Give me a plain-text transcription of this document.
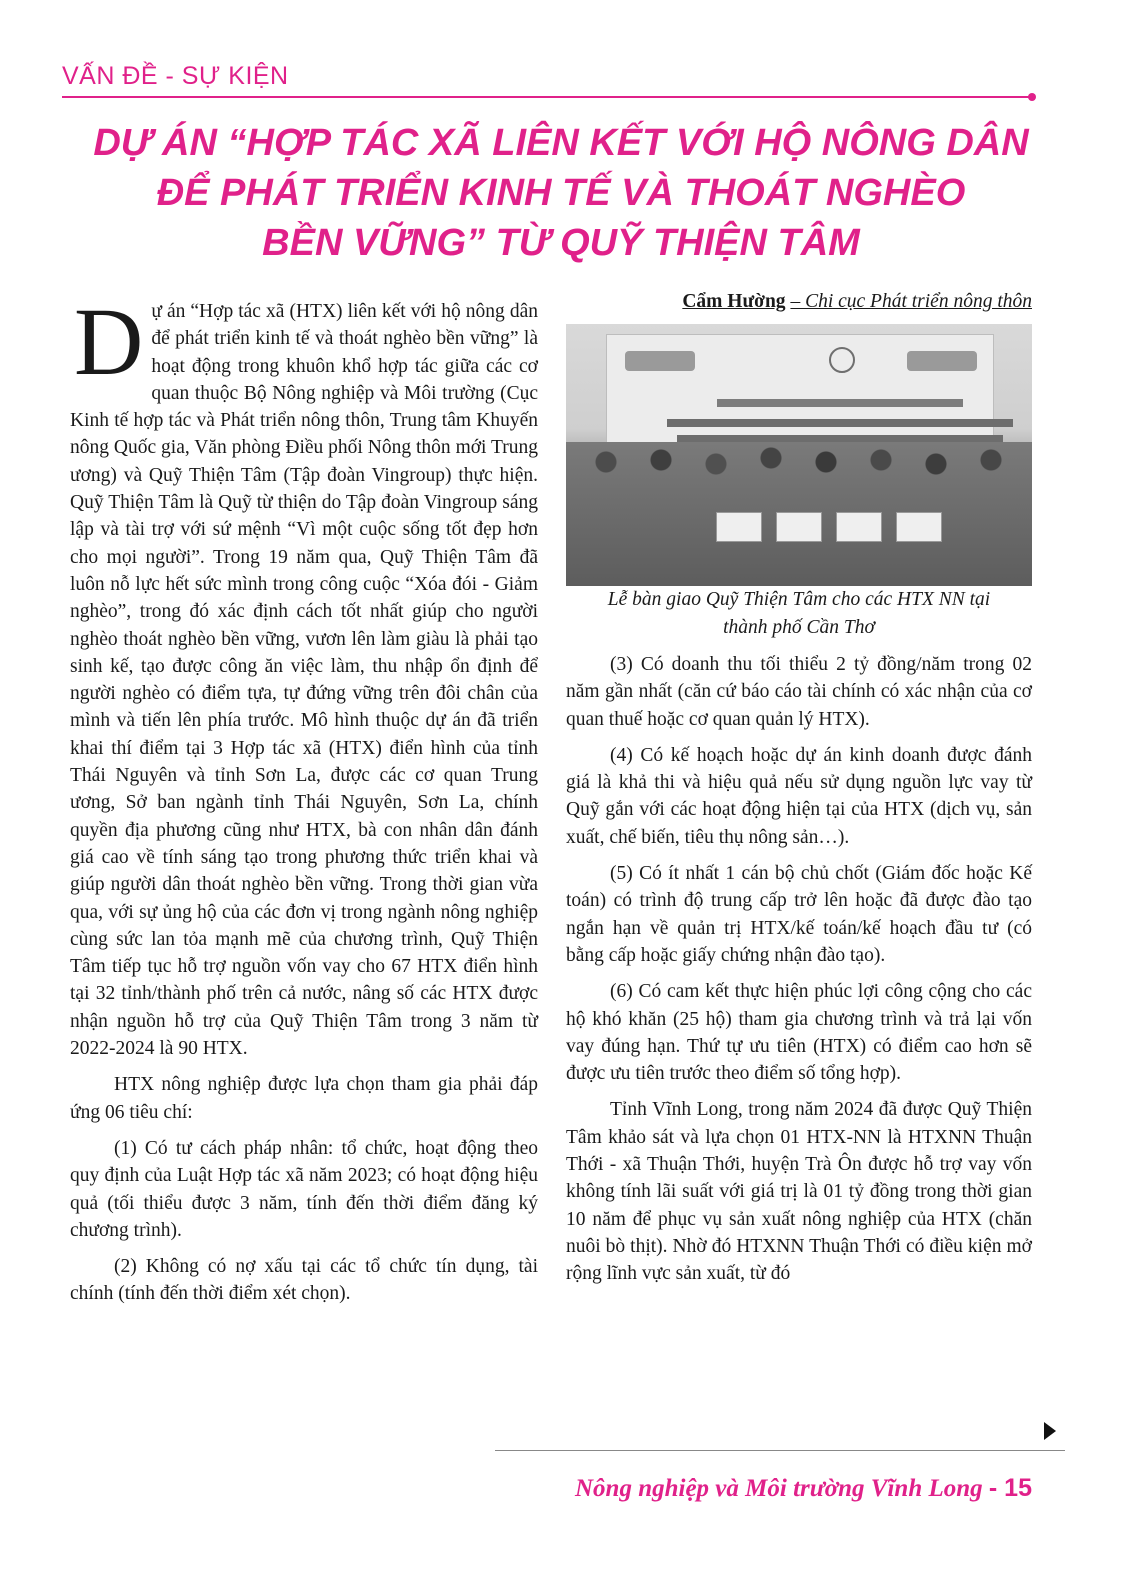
VẤN ĐỀ - SỰ KIỆN
DỰ ÁN “HỢP TÁC XÃ LIÊN KẾT VỚI HỘ NÔNG DÂN
ĐỂ PHÁT TRIỂN KINH TẾ VÀ THOÁT NGHÈO
BỀN VỮNG” TỪ QUỸ THIỆN TÂM

Dự án “Hợp tác xã (HTX) liên kết với hộ nông dân để phát triển kinh tế và thoát nghèo bền vững” là hoạt động trong khuôn khổ hợp tác giữa các cơ quan thuộc Bộ Nông nghiệp và Môi trường (Cục Kinh tế hợp tác và Phát triển nông thôn, Trung tâm Khuyến nông Quốc gia, Văn phòng Điều phối Nông thôn mới Trung ương) và Quỹ Thiện Tâm (Tập đoàn Vingroup) thực hiện. Quỹ Thiện Tâm là Quỹ từ thiện do Tập đoàn Vingroup sáng lập và tài trợ với sứ mệnh “Vì một cuộc sống tốt đẹp hơn cho mọi người”. Trong 19 năm qua, Quỹ Thiện Tâm đã luôn nỗ lực hết sức mình trong công cuộc “Xóa đói - Giảm nghèo”, trong đó xác định cách tốt nhất giúp cho người nghèo thoát nghèo bền vững, vươn lên làm giàu là phải tạo sinh kế, tạo được công ăn việc làm, thu nhập ổn định để người nghèo có điểm tựa, tự đứng vững trên đôi chân của mình và tiến lên phía trước. Mô hình thuộc dự án đã triển khai thí điểm tại 3 Hợp tác xã (HTX) điển hình của tỉnh Thái Nguyên và tỉnh Sơn La, được các cơ quan Trung ương, Sở ban ngành tỉnh Thái Nguyên, Sơn La, chính quyền địa phương cũng như HTX, bà con nhân dân đánh giá cao về tính sáng tạo trong phương thức triển khai và giúp người dân thoát nghèo bền vững. Trong thời gian vừa qua, với sự ủng hộ của các đơn vị trong ngành nông nghiệp cùng sức lan tỏa mạnh mẽ của chương trình, Quỹ Thiện Tâm tiếp tục hỗ trợ nguồn vốn vay cho 67 HTX điển hình tại 32 tỉnh/thành phố trên cả nước, nâng số các HTX được nhận nguồn hỗ trợ của Quỹ Thiện Tâm trong 3 năm từ 2022-2024 là 90 HTX.

HTX nông nghiệp được lựa chọn tham gia phải đáp ứng 06 tiêu chí:

(1) Có tư cách pháp nhân: tổ chức, hoạt động theo quy định của Luật Hợp tác xã năm 2023; có hoạt động hiệu quả (tối thiểu được 3 năm, tính đến thời điểm đăng ký chương trình).

(2) Không có nợ xấu tại các tổ chức tín dụng, tài chính (tính đến thời điểm xét chọn).

Cẩm Hường – Chi cục Phát triển nông thôn

Lễ bàn giao Quỹ Thiện Tâm cho các HTX NN tại
thành phố Cần Thơ

(3) Có doanh thu tối thiểu 2 tỷ đồng/năm trong 02 năm gần nhất (căn cứ báo cáo tài chính có xác nhận của cơ quan thuế hoặc cơ quan quản lý HTX).

(4) Có kế hoạch hoặc dự án kinh doanh được đánh giá là khả thi và hiệu quả nếu sử dụng nguồn lực vay từ Quỹ gắn với các hoạt động hiện tại của HTX (dịch vụ, sản xuất, chế biến, tiêu thụ nông sản…).

(5) Có ít nhất 1 cán bộ chủ chốt (Giám đốc hoặc Kế toán) có trình độ trung cấp trở lên hoặc đã được đào tạo ngắn hạn về quản trị HTX/kế toán/kế hoạch đầu tư (có bằng cấp hoặc giấy chứng nhận đào tạo).

(6) Có cam kết thực hiện phúc lợi công cộng cho các hộ khó khăn (25 hộ) tham gia chương trình và trả lại vốn vay đúng hạn. Thứ tự ưu tiên (HTX) có điểm cao hơn sẽ được ưu tiên trước theo điểm số tổng hợp).

Tỉnh Vĩnh Long, trong năm 2024 đã được Quỹ Thiện Tâm khảo sát và lựa chọn 01 HTX-NN là HTXNN Thuận Thới - xã Thuận Thới, huyện Trà Ôn được hỗ trợ vay vốn không tính lãi suất với giá trị là 01 tỷ đồng trong thời gian 10 năm để phục vụ sản xuất nông nghiệp của HTX (chăn nuôi bò thịt). Nhờ đó HTXNN Thuận Thới có điều kiện mở rộng lĩnh vực sản xuất, từ đó

Nông nghiệp và Môi trường Vĩnh Long - 15
